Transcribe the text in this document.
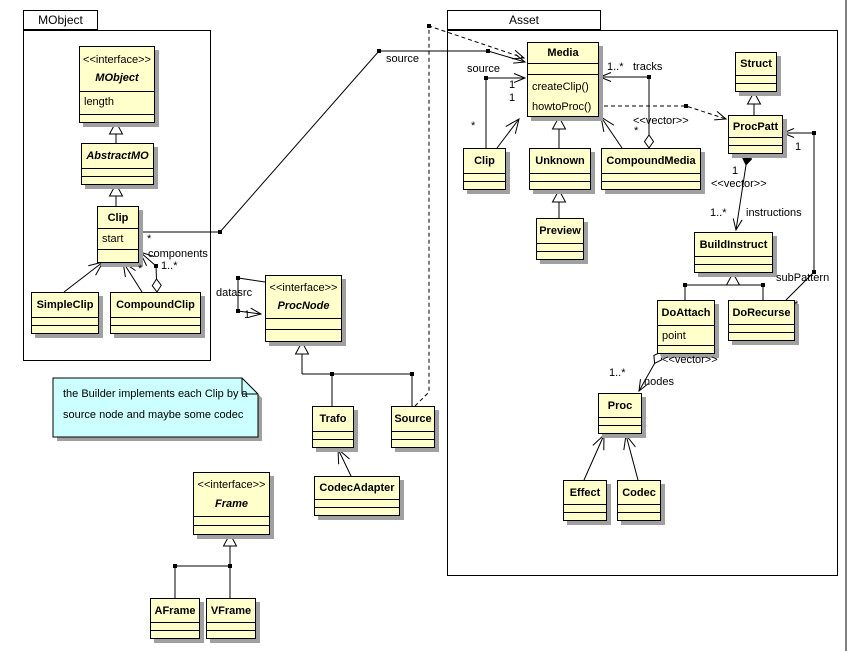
MObject	Asset
<<interface>>
MObject
length
AbstractMO
Clip
start
SimpleClip CompoundClip
<<interface>>
ProcNode
Trafo	Source
CodecAdapter
<<interface>>
Frame
AFrame VFrame
Media
createClip()
howtoProc()
Clip	Unknown CompoundMedia
Preview
Struct
ProcPatt
BuildInstruct
DoAttach
point
DoRecurse
Proc
Effect Codec
source
source
1
1
*
1..* tracks
<<vector>>
*
1
subPattern
*
1
<<vector>>
1..* instructions
<<vector>>
nodes
1..*
datasrc
1
*
components
1..*
*
the Builder implements each Clip by a
source node and maybe some codec
